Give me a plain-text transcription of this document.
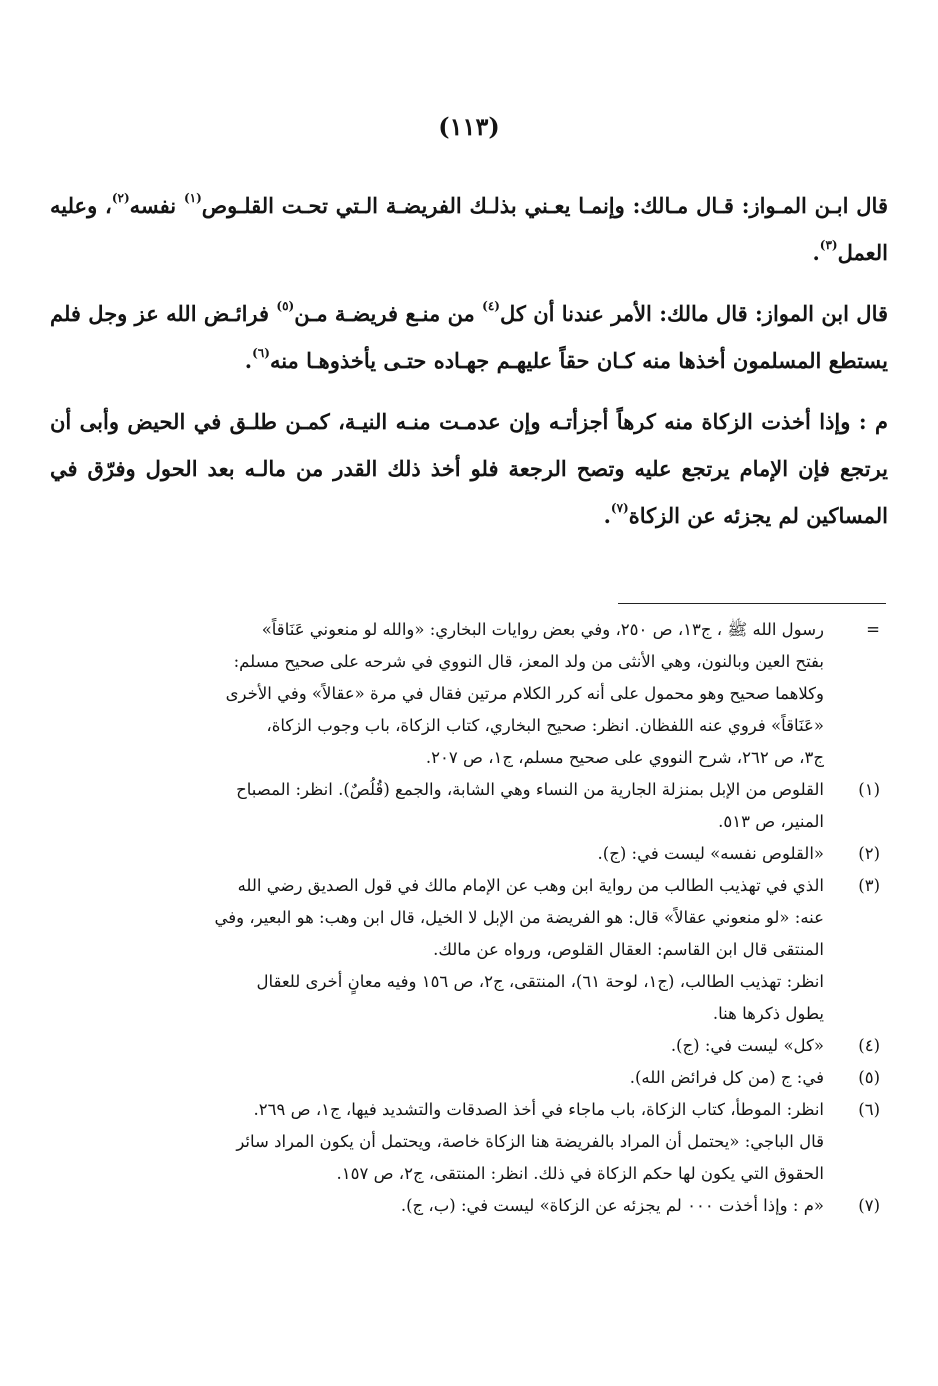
(١١٣)

قال ابـن المـواز: قـال مـالك: وإنمـا يعـني بذلـك الفريضـة الـتي تحـت القلـوص$^{(١)}$ نفسه$^{(٢)}$، وعليه العمل$^{(٣)}$.

قال ابن المواز: قال مالك: الأمر عندنا أن كل$^{(٤)}$ من منـع فريضـة مـن$^{(٥)}$ فرائـض الله عز وجل فلم يستطع المسلمون أخذها منه كـان حقاً عليهـم جهـاده حتـى يأخذوهـا منه$^{(٦)}$.

م : وإذا أخذت الزكاة منه كرهاً أجزأتـه وإن عدمـت منـه النيـة، كمـن طلـق في الحيض وأبى أن يرتجع فإن الإمام يرتجع عليه وتصح الرجعة فلو أخذ ذلك القدر من مالـه بعد الحول وفرّق في المساكين لم يجزئه عن الزكاة$^{(٧)}$.

=
رسول الله ﷺ ، ج١٣، ص ٢٥٠، وفي بعض روايات البخاري: «والله لو منعوني عَنَاقاً»
بفتح العين وبالنون، وهي الأنثى من ولد المعز، قال النووي في شرحه على صحيح مسلم:
وكلاهما صحيح وهو محمول على أنه كرر الكلام مرتين فقال في مرة «عقالاً» وفي الأخرى
«عَنَاقاً» فروي عنه اللفظان. انظر: صحيح البخاري، كتاب الزكاة، باب وجوب الزكاة،
ج٣، ص ٢٦٢، شرح النووي على صحيح مسلم، ج١، ص ٢٠٧.
(١)
القلوص من الإبل بمنزلة الجارية من النساء وهي الشابة، والجمع (قُلُصٌ). انظر: المصباح
المنير، ص ٥١٣.
(٢)
«القلوص نفسه» ليست في: (ج).
(٣)
الذي في تهذيب الطالب من رواية ابن وهب عن الإمام مالك في قول الصديق رضي الله
عنه: «لو منعوني عقالاً» قال: هو الفريضة من الإبل لا الخيل، قال ابن وهب: هو البعير، وفي
المنتقى قال ابن القاسم: العقال القلوص، ورواه عن مالك.
انظر: تهذيب الطالب، (ج١، لوحة ٦١)، المنتقى، ج٢، ص ١٥٦ وفيه معانٍ أخرى للعقال
يطول ذكرها هنا.
(٤)
«كل» ليست في: (ج).
(٥)
في: ج (من كل فرائض الله).
(٦)
انظر: الموطأ، كتاب الزكاة، باب ماجاء في أخذ الصدقات والتشديد فيها، ج١، ص ٢٦٩.
قال الباجي: «يحتمل أن المراد بالفريضة هنا الزكاة خاصة، ويحتمل أن يكون المراد سائر
الحقوق التي يكون لها حكم الزكاة في ذلك. انظر: المنتقى، ج٢، ص ١٥٧.
(٧)
«م : وإذا أخذت ٠٠٠ لم يجزئه عن الزكاة» ليست في: (ب، ج).
